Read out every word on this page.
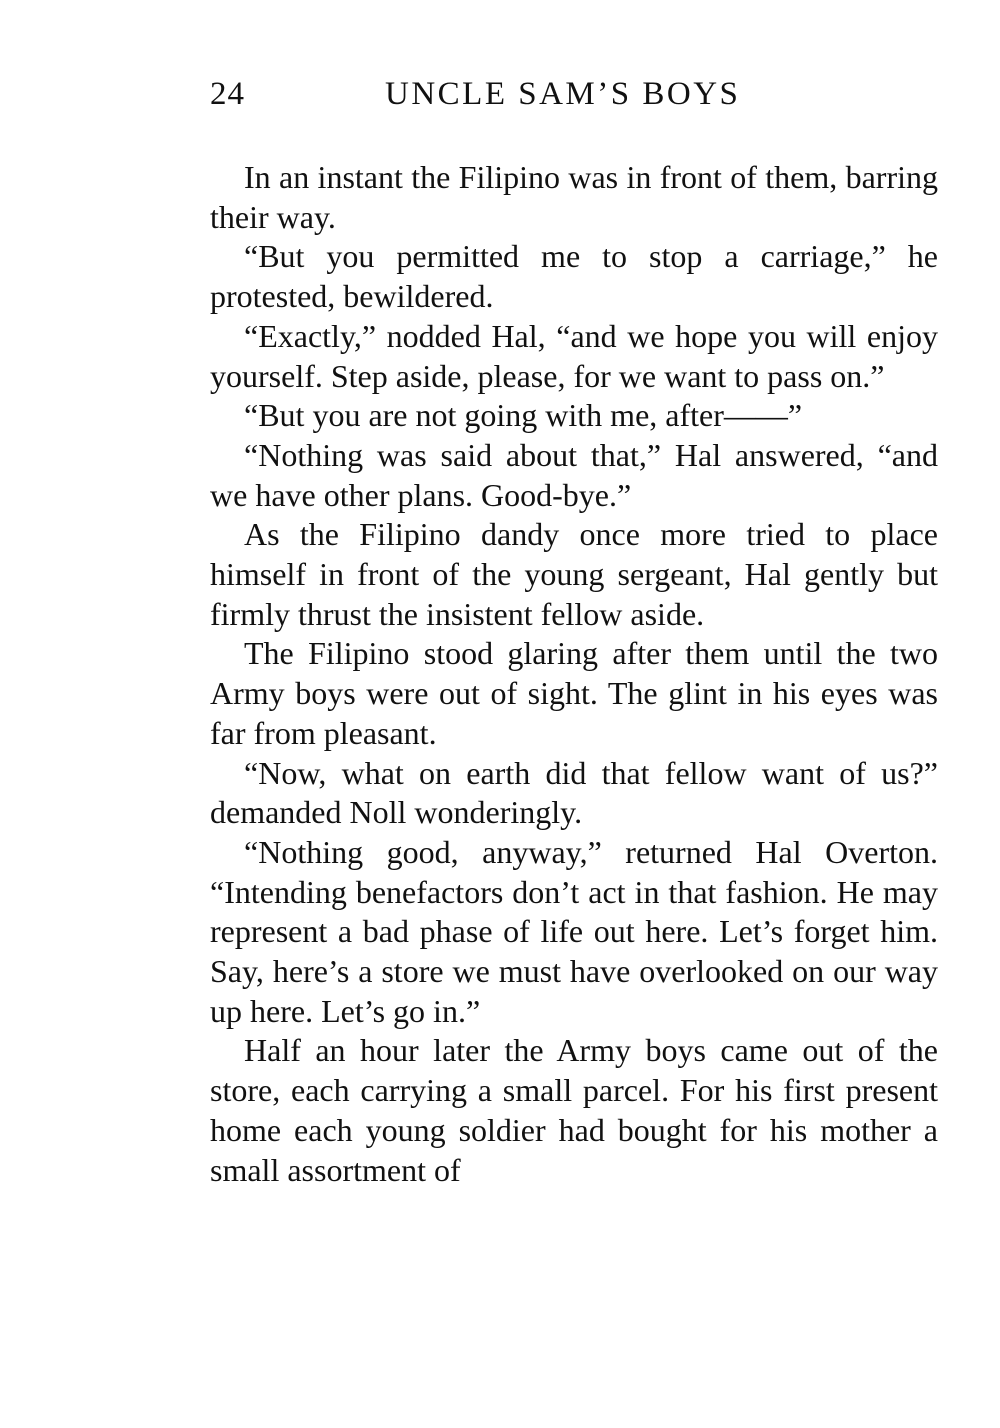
24	UNCLE SAM’S BOYS

In an instant the Filipino was in front of them, barring their way.

“But you permitted me to stop a carriage,” he protested, bewildered.

“Exactly,” nodded Hal, “and we hope you will enjoy yourself. Step aside, please, for we want to pass on.”

“But you are not going with me, after——”

“Nothing was said about that,” Hal answered, “and we have other plans. Good-bye.”

As the Filipino dandy once more tried to place himself in front of the young sergeant, Hal gently but firmly thrust the insistent fellow aside.

The Filipino stood glaring after them until the two Army boys were out of sight. The glint in his eyes was far from pleasant.

“Now, what on earth did that fellow want of us?” demanded Noll wonderingly.

“Nothing good, anyway,” returned Hal Overton. “Intending benefactors don’t act in that fashion. He may represent a bad phase of life out here. Let’s forget him. Say, here’s a store we must have overlooked on our way up here. Let’s go in.”

Half an hour later the Army boys came out of the store, each carrying a small parcel. For his first present home each young soldier had bought for his mother a small assortment of
